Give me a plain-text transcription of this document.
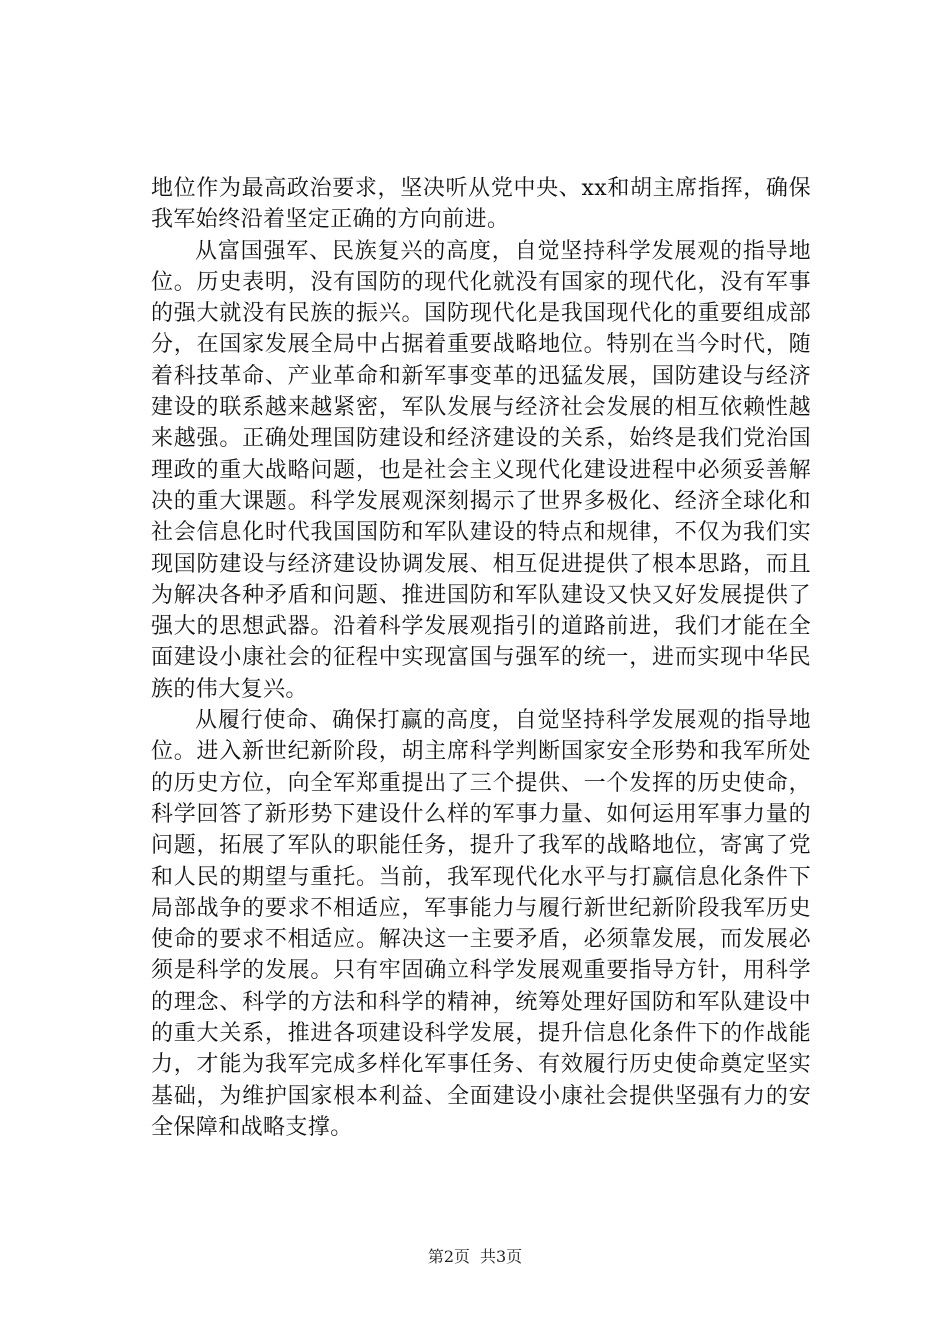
地位作为最高政治要求，坚决听从党中央、xx和胡主席指挥，确保我军始终沿着坚定正确的方向前进。

从富国强军、民族复兴的高度，自觉坚持科学发展观的指导地位。历史表明，没有国防的现代化就没有国家的现代化，没有军事的强大就没有民族的振兴。国防现代化是我国现代化的重要组成部分，在国家发展全局中占据着重要战略地位。特别在当今时代，随着科技革命、产业革命和新军事变革的迅猛发展，国防建设与经济建设的联系越来越紧密，军队发展与经济社会发展的相互依赖性越来越强。正确处理国防建设和经济建设的关系，始终是我们党治国理政的重大战略问题，也是社会主义现代化建设进程中必须妥善解决的重大课题。科学发展观深刻揭示了世界多极化、经济全球化和社会信息化时代我国国防和军队建设的特点和规律，不仅为我们实现国防建设与经济建设协调发展、相互促进提供了根本思路，而且为解决各种矛盾和问题、推进国防和军队建设又快又好发展提供了强大的思想武器。沿着科学发展观指引的道路前进，我们才能在全面建设小康社会的征程中实现富国与强军的统一，进而实现中华民族的伟大复兴。

从履行使命、确保打赢的高度，自觉坚持科学发展观的指导地位。进入新世纪新阶段，胡主席科学判断国家安全形势和我军所处的历史方位，向全军郑重提出了三个提供、一个发挥的历史使命，科学回答了新形势下建设什么样的军事力量、如何运用军事力量的问题，拓展了军队的职能任务，提升了我军的战略地位，寄寓了党和人民的期望与重托。当前，我军现代化水平与打赢信息化条件下局部战争的要求不相适应，军事能力与履行新世纪新阶段我军历史使命的要求不相适应。解决这一主要矛盾，必须靠发展，而发展必须是科学的发展。只有牢固确立科学发展观重要指导方针，用科学的理念、科学的方法和科学的精神，统筹处理好国防和军队建设中的重大关系，推进各项建设科学发展，提升信息化条件下的作战能力，才能为我军完成多样化军事任务、有效履行历史使命奠定坚实基础，为维护国家根本利益、全面建设小康社会提供坚强有力的安全保障和战略支撑。

第2页 共3页
